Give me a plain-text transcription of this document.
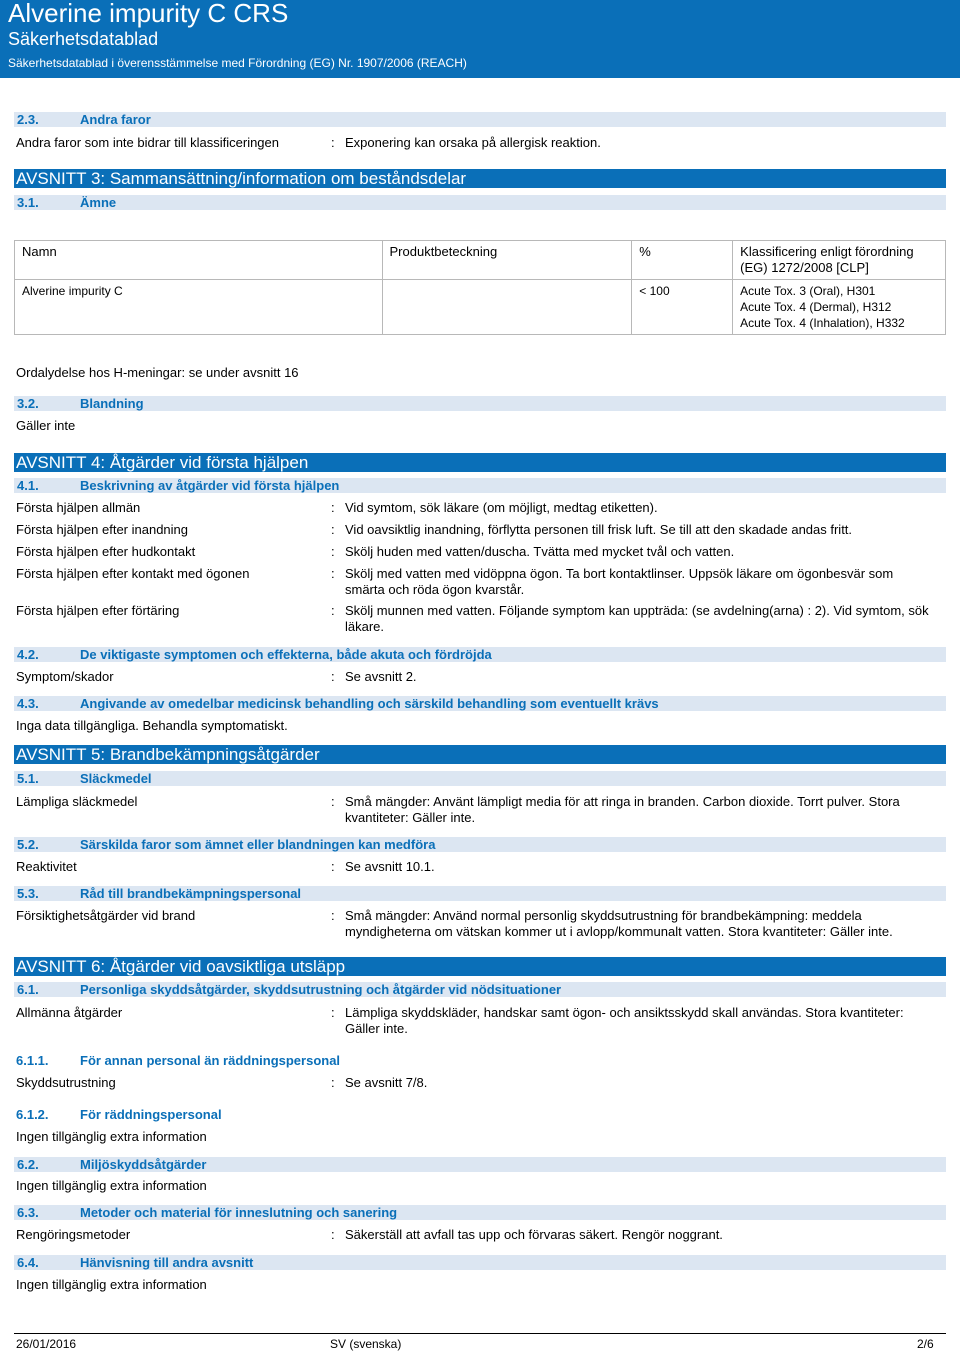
Alverine impurity C CRS
Säkerhetsdatablad
Säkerhetsdatablad i överensstämmelse med Förordning (EG) Nr. 1907/2006 (REACH)
2.3.	Andra faror
Andra faror som inte bidrar till klassificeringen	: Exponering kan orsaka på allergisk reaktion.
AVSNITT 3: Sammansättning/information om beståndsdelar
3.1.	Ämne
Namn	Produktbeteckning	%	Klassificering enligt förordning (EG) 1272/2008 [CLP]
Alverine impurity C		< 100	Acute Tox. 3 (Oral), H301
Acute Tox. 4 (Dermal), H312
Acute Tox. 4 (Inhalation), H332
Ordalydelse hos H-meningar: se under avsnitt 16
3.2.	Blandning
Gäller inte
AVSNITT 4: Åtgärder vid första hjälpen
4.1.	Beskrivning av åtgärder vid första hjälpen
Första hjälpen allmän	: Vid symtom, sök läkare (om möjligt, medtag etiketten).
Första hjälpen efter inandning	: Vid oavsiktlig inandning, förflytta personen till frisk luft. Se till att den skadade andas fritt.
Första hjälpen efter hudkontakt	: Skölj huden med vatten/duscha. Tvätta med mycket tvål och vatten.
Första hjälpen efter kontakt med ögonen	: Skölj med vatten med vidöppna ögon. Ta bort kontaktlinser. Uppsök läkare om ögonbesvär som smärta och röda ögon kvarstår.
Första hjälpen efter förtäring	: Skölj munnen med vatten. Följande symptom kan uppträda: (se avdelning(arna) : 2). Vid symtom, sök läkare.
4.2.	De viktigaste symptomen och effekterna, både akuta och fördröjda
Symptom/skador	: Se avsnitt 2.
4.3.	Angivande av omedelbar medicinsk behandling och särskild behandling som eventuellt krävs
Inga data tillgängliga. Behandla symptomatiskt.
AVSNITT 5: Brandbekämpningsåtgärder
5.1.	Släckmedel
Lämpliga släckmedel	: Små mängder: Använt lämpligt media för att ringa in branden. Carbon dioxide. Torrt pulver. Stora kvantiteter: Gäller inte.
5.2.	Särskilda faror som ämnet eller blandningen kan medföra
Reaktivitet	: Se avsnitt 10.1.
5.3.	Råd till brandbekämpningspersonal
Försiktighetsåtgärder vid brand	: Små mängder: Använd normal personlig skyddsutrustning för brandbekämpning: meddela myndigheterna om vätskan kommer ut i avlopp/kommunalt vatten. Stora kvantiteter: Gäller inte.
AVSNITT 6: Åtgärder vid oavsiktliga utsläpp
6.1.	Personliga skyddsåtgärder, skyddsutrustning och åtgärder vid nödsituationer
Allmänna åtgärder	: Lämpliga skyddskläder, handskar samt ögon- och ansiktsskydd skall användas. Stora kvantiteter: Gäller inte.
6.1.1. För annan personal än räddningspersonal
Skyddsutrustning	: Se avsnitt 7/8.
6.1.2. För räddningspersonal
Ingen tillgänglig extra information
6.2.	Miljöskyddsåtgärder
Ingen tillgänglig extra information
6.3.	Metoder och material för inneslutning och sanering
Rengöringsmetoder	: Säkerställ att avfall tas upp och förvaras säkert. Rengör noggrant.
6.4.	Hänvisning till andra avsnitt
Ingen tillgänglig extra information
26/01/2016	SV (svenska)	2/6
